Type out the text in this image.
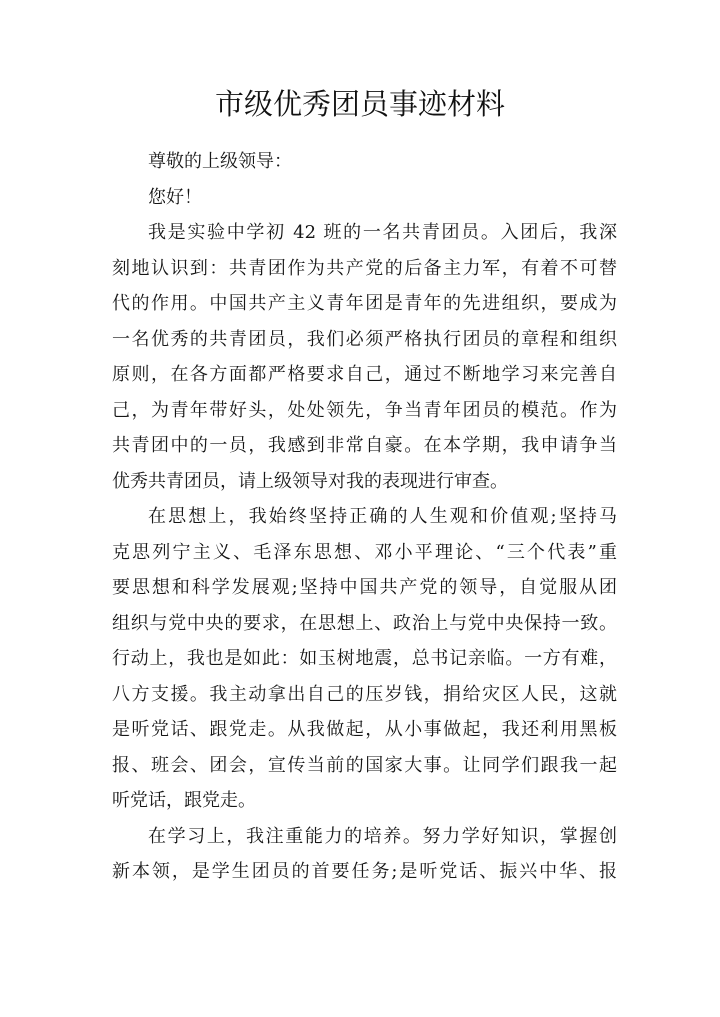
市级优秀团员事迹材料
尊敬的上级领导：
您好！
我是实验中学初 42 班的一名共青团员。入团后，我深
刻地认识到：共青团作为共产党的后备主力军，有着不可替
代的作用。中国共产主义青年团是青年的先进组织，要成为
一名优秀的共青团员，我们必须严格执行团员的章程和组织
原则，在各方面都严格要求自己，通过不断地学习来完善自
己，为青年带好头，处处领先，争当青年团员的模范。作为
共青团中的一员，我感到非常自豪。在本学期，我申请争当
优秀共青团员，请上级领导对我的表现进行审查。
在思想上，我始终坚持正确的人生观和价值观;坚持马
克思列宁主义、毛泽东思想、邓小平理论、“三个代表”重
要思想和科学发展观;坚持中国共产党的领导，自觉服从团
组织与党中央的要求，在思想上、政治上与党中央保持一致。
行动上，我也是如此：如玉树地震，总书记亲临。一方有难，
八方支援。我主动拿出自己的压岁钱，捐给灾区人民，这就
是听党话、跟党走。从我做起，从小事做起，我还利用黑板
报、班会、团会，宣传当前的国家大事。让同学们跟我一起
听党话，跟党走。
在学习上，我注重能力的培养。努力学好知识，掌握创
新本领，是学生团员的首要任务;是听党话、振兴中华、报
